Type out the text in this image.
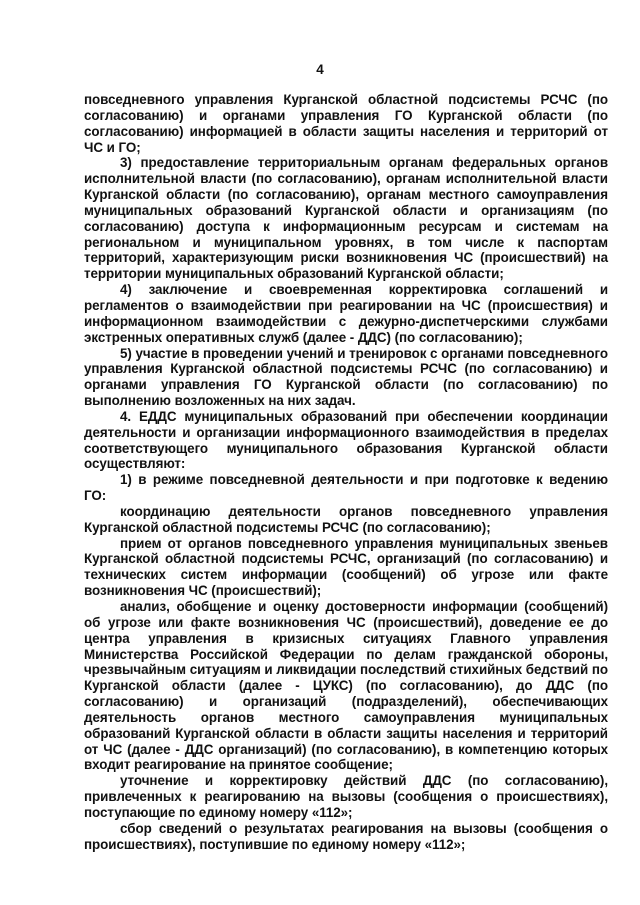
4

повседневного управления Курганской областной подсистемы РСЧС (по согласованию) и органами управления ГО Курганской области (по согласованию) информацией в области защиты населения и территорий от ЧС и ГО;

3) предоставление территориальным органам федеральных органов исполнительной власти (по согласованию), органам исполнительной власти Курганской области (по согласованию), органам местного самоуправления муниципальных образований Курганской области и организациям (по согласованию) доступа к информационным ресурсам и системам на региональном и муниципальном уровнях, в том числе к паспортам территорий, характеризующим риски возникновения ЧС (происшествий) на территории муниципальных образований Курганской области;

4) заключение и своевременная корректировка соглашений и регламентов о взаимодействии при реагировании на ЧС (происшествия) и информационном взаимодействии с дежурно-диспетчерскими службами экстренных оперативных служб (далее - ДДС) (по согласованию);

5) участие в проведении учений и тренировок с органами повседневного управления Курганской областной подсистемы РСЧС (по согласованию) и органами управления ГО Курганской области (по согласованию) по выполнению возложенных на них задач.

4. ЕДДС муниципальных образований при обеспечении координации деятельности и организации информационного взаимодействия в пределах соответствующего муниципального образования Курганской области осуществляют:

1) в режиме повседневной деятельности и при подготовке к ведению ГО:

координацию деятельности органов повседневного управления Курганской областной подсистемы РСЧС (по согласованию);

прием от органов повседневного управления муниципальных звеньев Курганской областной подсистемы РСЧС, организаций (по согласованию) и технических систем информации (сообщений) об угрозе или факте возникновения ЧС (происшествий);

анализ, обобщение и оценку достоверности информации (сообщений) об угрозе или факте возникновения ЧС (происшествий), доведение ее до центра управления в кризисных ситуациях Главного управления Министерства Российской Федерации по делам гражданской обороны, чрезвычайным ситуациям и ликвидации последствий стихийных бедствий по Курганской области (далее - ЦУКС) (по согласованию), до ДДС (по согласованию) и организаций (подразделений), обеспечивающих деятельность органов местного самоуправления муниципальных образований Курганской области в области защиты населения и территорий от ЧС (далее - ДДС организаций) (по согласованию), в компетенцию которых входит реагирование на принятое сообщение;

уточнение и корректировку действий ДДС (по согласованию), привлеченных к реагированию на вызовы (сообщения о происшествиях), поступающие по единому номеру «112»;

сбор сведений о результатах реагирования на вызовы (сообщения о происшествиях), поступившие по единому номеру «112»;
